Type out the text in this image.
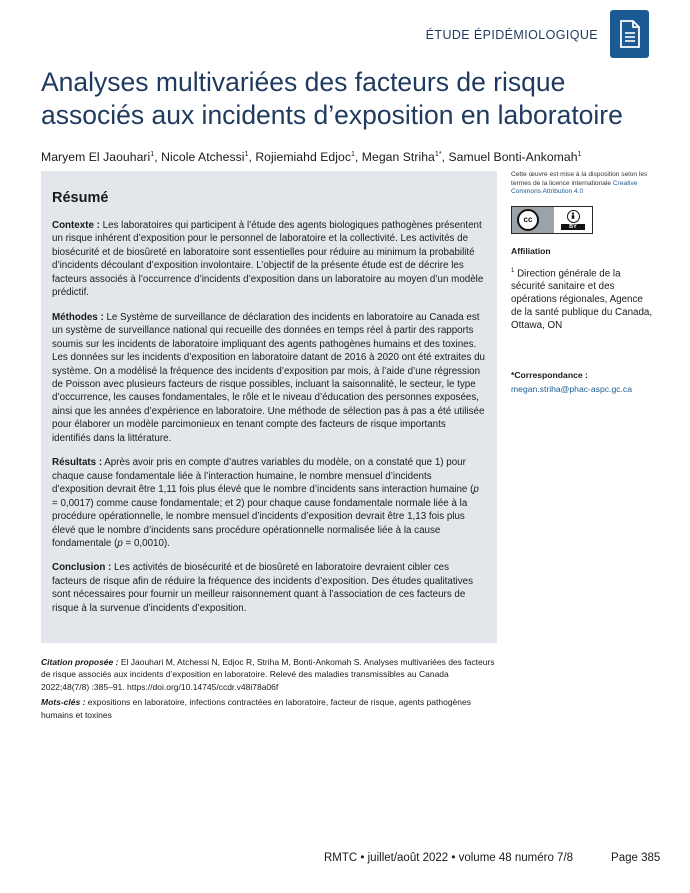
ÉTUDE ÉPIDÉMIOLOGIQUE
Analyses multivariées des facteurs de risque associés aux incidents d’exposition en laboratoire
Maryem El Jaouhari$^1$, Nicole Atchessi$^1$, Rojiemiahd Edjoc$^1$, Megan Striha$^{1*}$, Samuel Bonti-Ankomah$^1$
Résumé

Contexte : Les laboratoires qui participent à l’étude des agents biologiques pathogènes présentent un risque inhérent d’exposition pour le personnel de laboratoire et la collectivité. Les activités de biosécurité et de biosûreté en laboratoire sont essentielles pour réduire au minimum la probabilité d’incidents découlant d’exposition involontaire. L’objectif de la présente étude est de décrire les facteurs associés à l’occurrence d’incidents d’exposition dans un laboratoire au moyen d’un modèle prédictif.

Méthodes : Le Système de surveillance de déclaration des incidents en laboratoire au Canada est un système de surveillance national qui recueille des données en temps réel à partir des rapports soumis sur les incidents de laboratoire impliquant des agents pathogènes humains et des toxines. Les données sur les incidents d’exposition en laboratoire datant de 2016 à 2020 ont été extraites du système. On a modélisé la fréquence des incidents d’exposition par mois, à l’aide d’une régression de Poisson avec plusieurs facteurs de risque possibles, incluant la saisonnalité, le secteur, le type d’occurrence, les causes fondamentales, le rôle et le niveau d’éducation des personnes exposées, ainsi que les années d’expérience en laboratoire. Une méthode de sélection pas à pas a été utilisée pour élaborer un modèle parcimonieux en tenant compte des facteurs de risque importants identifiés dans la littérature.

Résultats : Après avoir pris en compte d’autres variables du modèle, on a constaté que 1) pour chaque cause fondamentale liée à l’interaction humaine, le nombre mensuel d’incidents d’exposition devrait être 1,11 fois plus élevé que le nombre d’incidents sans interaction humaine (p = 0,0017) comme cause fondamentale; et 2) pour chaque cause fondamentale normale liée à la procédure opérationnelle, le nombre mensuel d’incidents d’exposition devrait être 1,13 fois plus élevé que le nombre d’incidents sans procédure opérationnelle normalisée liée à la cause fondamentale (p = 0,0010).

Conclusion : Les activités de biosécurité et de biosûreté en laboratoire devraient cibler ces facteurs de risque afin de réduire la fréquence des incidents d’exposition. Des études qualitatives sont nécessaires pour fournir un meilleur raisonnement quant à l’association de ces facteurs de risque à la survenue d’incidents d’exposition.

Cette œuvre est mise à la disposition selon les termes de la licence internationale Creative Commons Attribution 4.0
cc
BY
Affiliation
$^1$ Direction générale de la sécurité sanitaire et des opérations régionales, Agence de la santé publique du Canada, Ottawa, ON
*Correspondance :
megan.striha@phac-aspc.gc.ca
Citation proposée : El Jaouhari M, Atchessi N, Edjoc R, Striha M, Bonti-Ankomah S. Analyses multivariées des facteurs de risque associés aux incidents d’exposition en laboratoire. Relevé des maladies transmissibles au Canada 2022;48(7/8) :385–91. https://doi.org/10.14745/ccdr.v48i78a06f
Mots-clés : expositions en laboratoire, infections contractées en laboratoire, facteur de risque, agents pathogènes humains et toxines
RMTC • juillet/août 2022 • volume 48 numéro 7/8	Page 385
